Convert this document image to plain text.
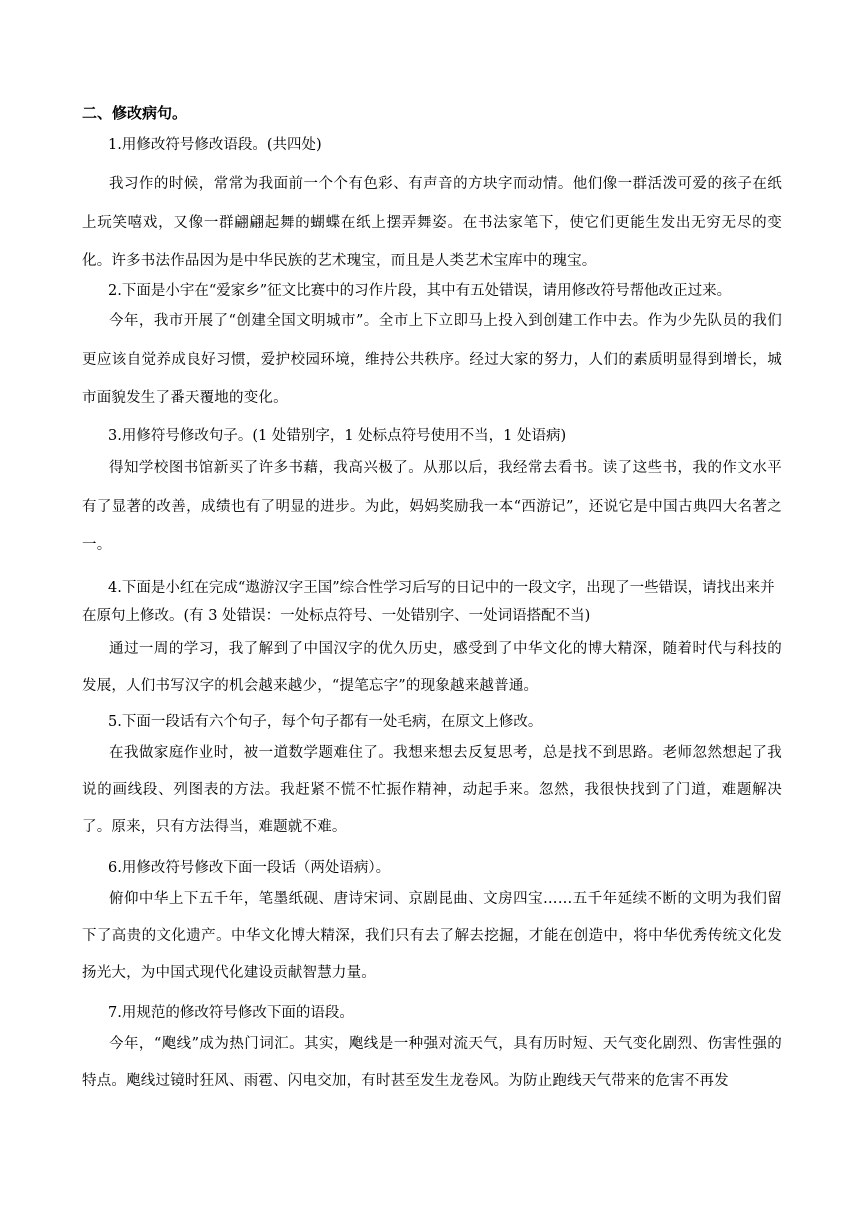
二、修改病句。

1.用修改符号修改语段。(共四处)

我习作的时候，常常为我面前一个个有色彩、有声音的方块字而动情。他们像一群活泼可爱的孩子在纸上玩笑嘻戏，又像一群翩翩起舞的蝴蝶在纸上摆弄舞姿。在书法家笔下，使它们更能生发出无穷无尽的变化。许多书法作品因为是中华民族的艺术瑰宝，而且是人类艺术宝库中的瑰宝。

2.下面是小宇在“爱家乡”征文比赛中的习作片段，其中有五处错误，请用修改符号帮他改正过来。

今年，我市开展了“创建全国文明城市”。全市上下立即马上投入到创建工作中去。作为少先队员的我们更应该自觉养成良好习惯，爱护校园环境，维持公共秩序。经过大家的努力，人们的素质明显得到增长，城市面貌发生了番天覆地的变化。

3.用修符号修改句子。(1 处错别字，1 处标点符号使用不当，1 处语病)

得知学校图书馆新买了许多书藉，我高兴极了。从那以后，我经常去看书。读了这些书，我的作文水平有了显著的改善，成绩也有了明显的进步。为此，妈妈奖励我一本“西游记”，还说它是中国古典四大名著之一。

4.下面是小红在完成“遨游汉字王国”综合性学习后写的日记中的一段文字，出现了一些错误，请找出来并在原句上修改。(有 3 处错误：一处标点符号、一处错别字、一处词语搭配不当)

通过一周的学习，我了解到了中国汉字的优久历史，感受到了中华文化的博大精深，随着时代与科技的发展，人们书写汉字的机会越来越少，“提笔忘字”的现象越来越普通。

5.下面一段话有六个句子，每个句子都有一处毛病，在原文上修改。

在我做家庭作业时，被一道数学题难住了。我想来想去反复思考，总是找不到思路。老师忽然想起了我说的画线段、列图表的方法。我赶紧不慌不忙振作精神，动起手来。忽然，我很快找到了门道，难题解决了。原来，只有方法得当，难题就不难。

6.用修改符号修改下面一段话（两处语病）。

俯仰中华上下五千年，笔墨纸砚、唐诗宋词、京剧昆曲、文房四宝……五千年延续不断的文明为我们留下了高贵的文化遗产。中华文化博大精深，我们只有去了解去挖掘，才能在创造中，将中华优秀传统文化发扬光大，为中国式现代化建设贡献智慧力量。

7.用规范的修改符号修改下面的语段。

今年，“飑线”成为热门词汇。其实，飑线是一种强对流天气，具有历时短、天气变化剧烈、伤害性强的特点。飑线过镜时狂风、雨雹、闪电交加，有时甚至发生龙卷风。为防止跑线天气带来的危害不再发
